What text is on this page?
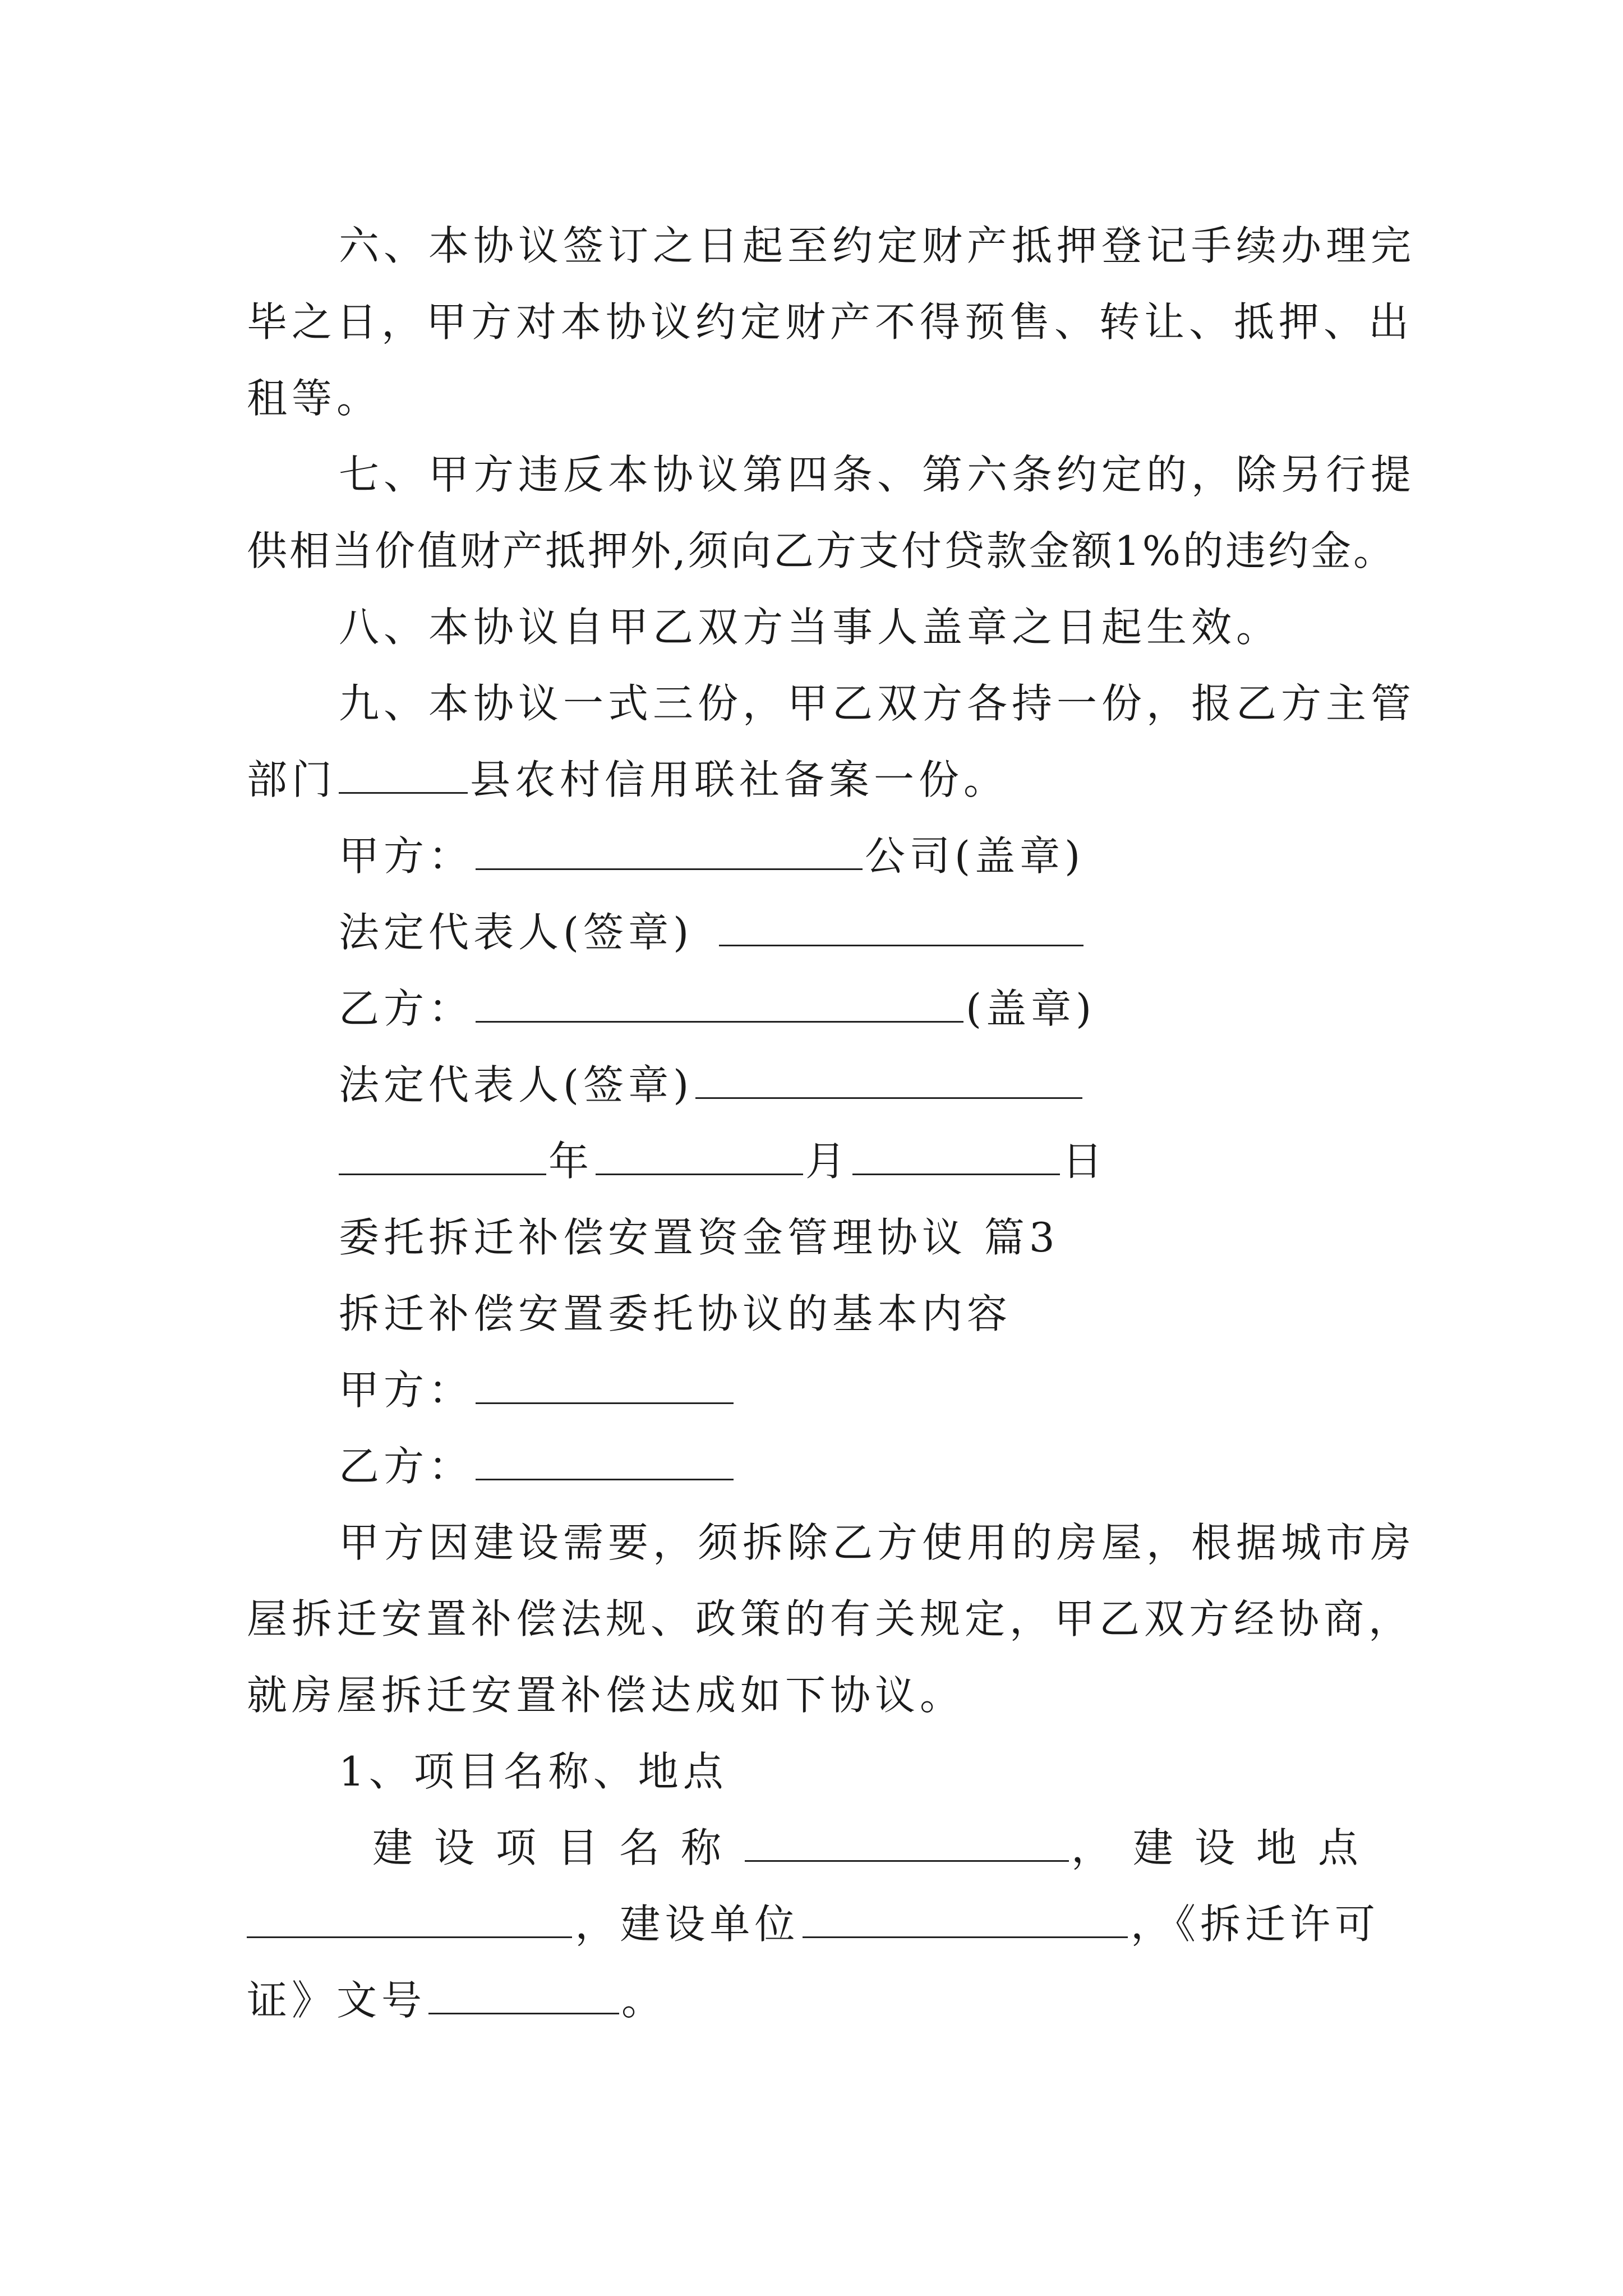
六、本协议签订之日起至约定财产抵押登记手续办理完
毕之日，甲方对本协议约定财产不得预售、转让、抵押、出
租等。
七、甲方违反本协议第四条、第六条约定的，除另行提
供相当价值财产抵押外,须向乙方支付贷款金额1%的违约金。
八、本协议自甲乙双方当事人盖章之日起生效。
九、本协议一式三份，甲乙双方各持一份，报乙方主管
部门	县农村信用联社备案一份。
甲方：	公司(盖章)
法定代表人(签章)
乙方：	(盖章)
法定代表人(签章)
年	月	日
委托拆迁补偿安置资金管理协议 篇3
拆迁补偿安置委托协议的基本内容
甲方：
乙方：
甲方因建设需要，须拆除乙方使用的房屋，根据城市房
屋拆迁安置补偿法规、政策的有关规定，甲乙双方经协商，
就房屋拆迁安置补偿达成如下协议。
1、项目名称、地点
建设项目名称	，建设地点
，建设单位	，《拆迁许可
证》文号	。
